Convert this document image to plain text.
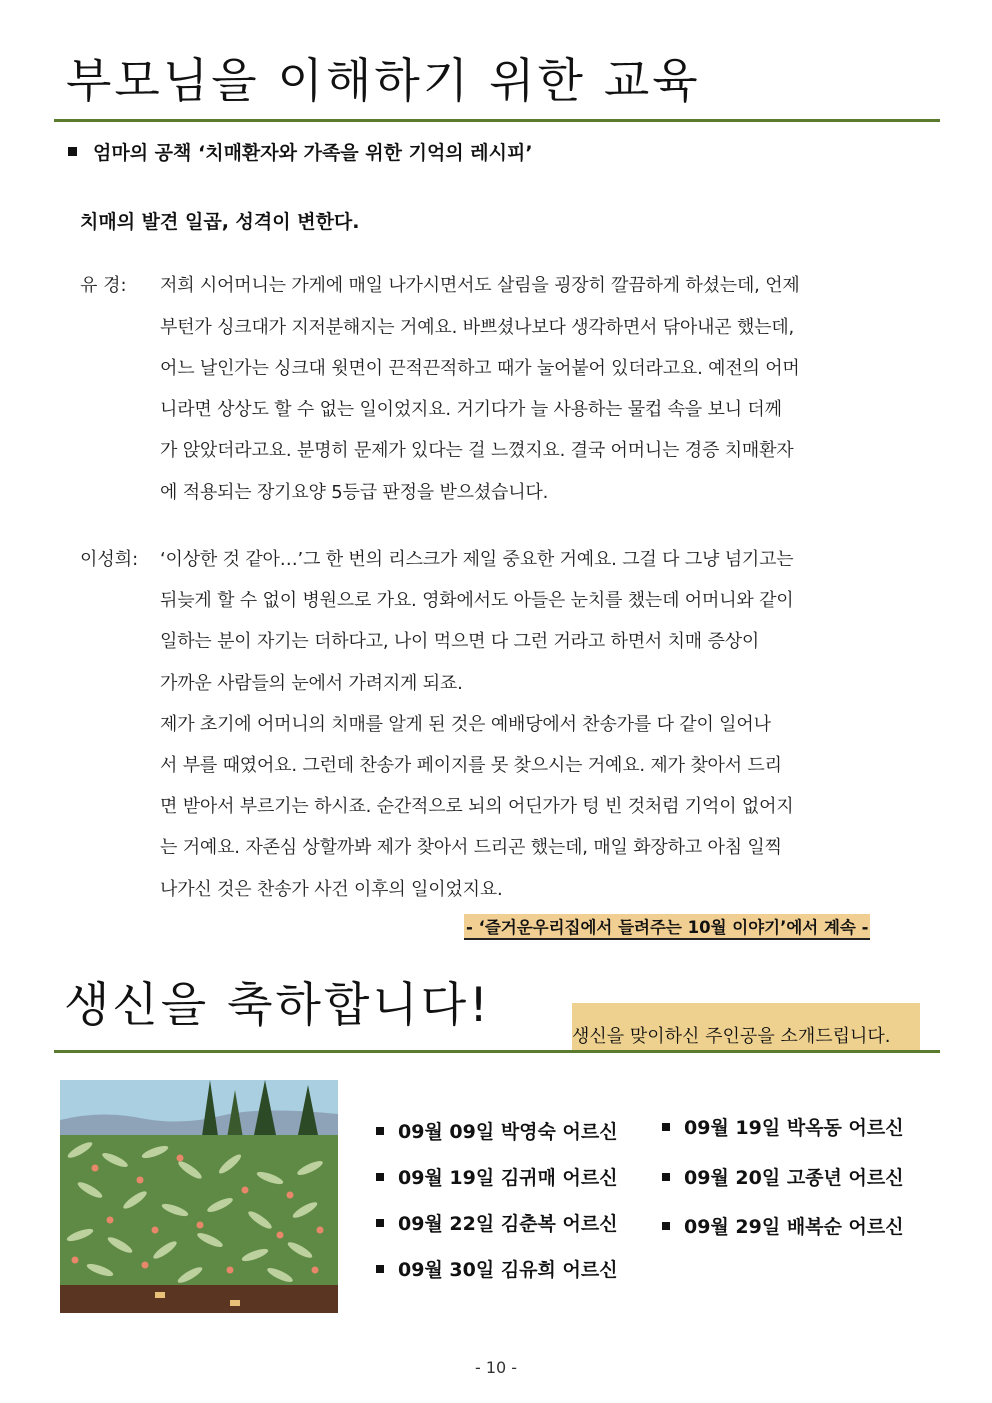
부모님을 이해하기 위한 교육
엄마의 공책 ‘치매환자와 가족을 위한 기억의 레시피’
치매의 발견 일곱, 성격이 변한다.
유 경: 저희 시어머니는 가게에 매일 나가시면서도 살림을 굉장히 깔끔하게 하셨는데, 언제
부턴가 싱크대가 지저분해지는 거예요. 바쁘셨나보다 생각하면서 닦아내곤 했는데,
어느 날인가는 싱크대 윗면이 끈적끈적하고 때가 눌어붙어 있더라고요. 예전의 어머
니라면 상상도 할 수 없는 일이었지요. 거기다가 늘 사용하는 물컵 속을 보니 더께
가 앉았더라고요. 분명히 문제가 있다는 걸 느꼈지요. 결국 어머니는 경증 치매환자
에 적용되는 장기요양 5등급 판정을 받으셨습니다.
이성희: ‘이상한 것 같아…’그 한 번의 리스크가 제일 중요한 거예요. 그걸 다 그냥 넘기고는
뒤늦게 할 수 없이 병원으로 가요. 영화에서도 아들은 눈치를 챘는데 어머니와 같이
일하는 분이 자기는 더하다고, 나이 먹으면 다 그런 거라고 하면서 치매 증상이
가까운 사람들의 눈에서 가려지게 되죠.
제가 초기에 어머니의 치매를 알게 된 것은 예배당에서 찬송가를 다 같이 일어나
서 부를 때였어요. 그런데 찬송가 페이지를 못 찾으시는 거예요. 제가 찾아서 드리
면 받아서 부르기는 하시죠. 순간적으로 뇌의 어딘가가 텅 빈 것처럼 기억이 없어지
는 거예요. 자존심 상할까봐 제가 찾아서 드리곤 했는데, 매일 화장하고 아침 일찍
나가신 것은 찬송가 사건 이후의 일이었지요.
- ‘즐거운우리집에서 들려주는 10월 이야기’에서 계속 -
생신을 축하합니다!
생신을 맞이하신 주인공을 소개드립니다.
09월 09일 박영숙 어르신
09월 19일 김귀매 어르신
09월 22일 김춘복 어르신
09월 30일 김유희 어르신
09월 19일 박옥동 어르신
09월 20일 고종년 어르신
09월 29일 배복순 어르신
- 10 -
